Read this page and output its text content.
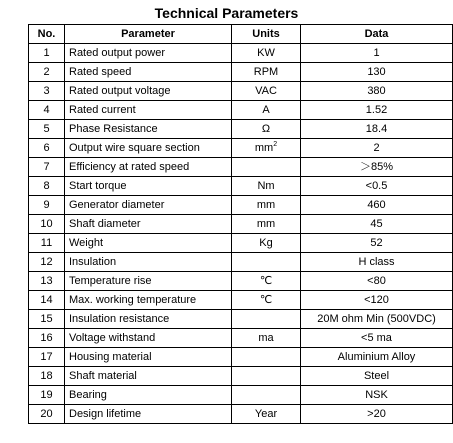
Technical Parameters
No.	Parameter	Units	Data
1	Rated output power	KW	1
2	Rated speed	RPM	130
3	Rated output voltage	VAC	380
4	Rated current	A	1.52
5	Phase Resistance	Ω	18.4
6	Output wire square section	$mm^2$	2
7	Efficiency at rated speed		＞85%
8	Start torque	Nm	<0.5
9	Generator diameter	mm	460
10	Shaft diameter	mm	45
11	Weight	Kg	52
12	Insulation		H class
13	Temperature rise	℃	<80
14	Max. working temperature	℃	<120
15	Insulation resistance		20M ohm Min (500VDC)
16	Voltage withstand	ma	<5 ma
17	Housing material		Aluminium Alloy
18	Shaft material		Steel
19	Bearing		NSK
20	Design lifetime	Year	>20
